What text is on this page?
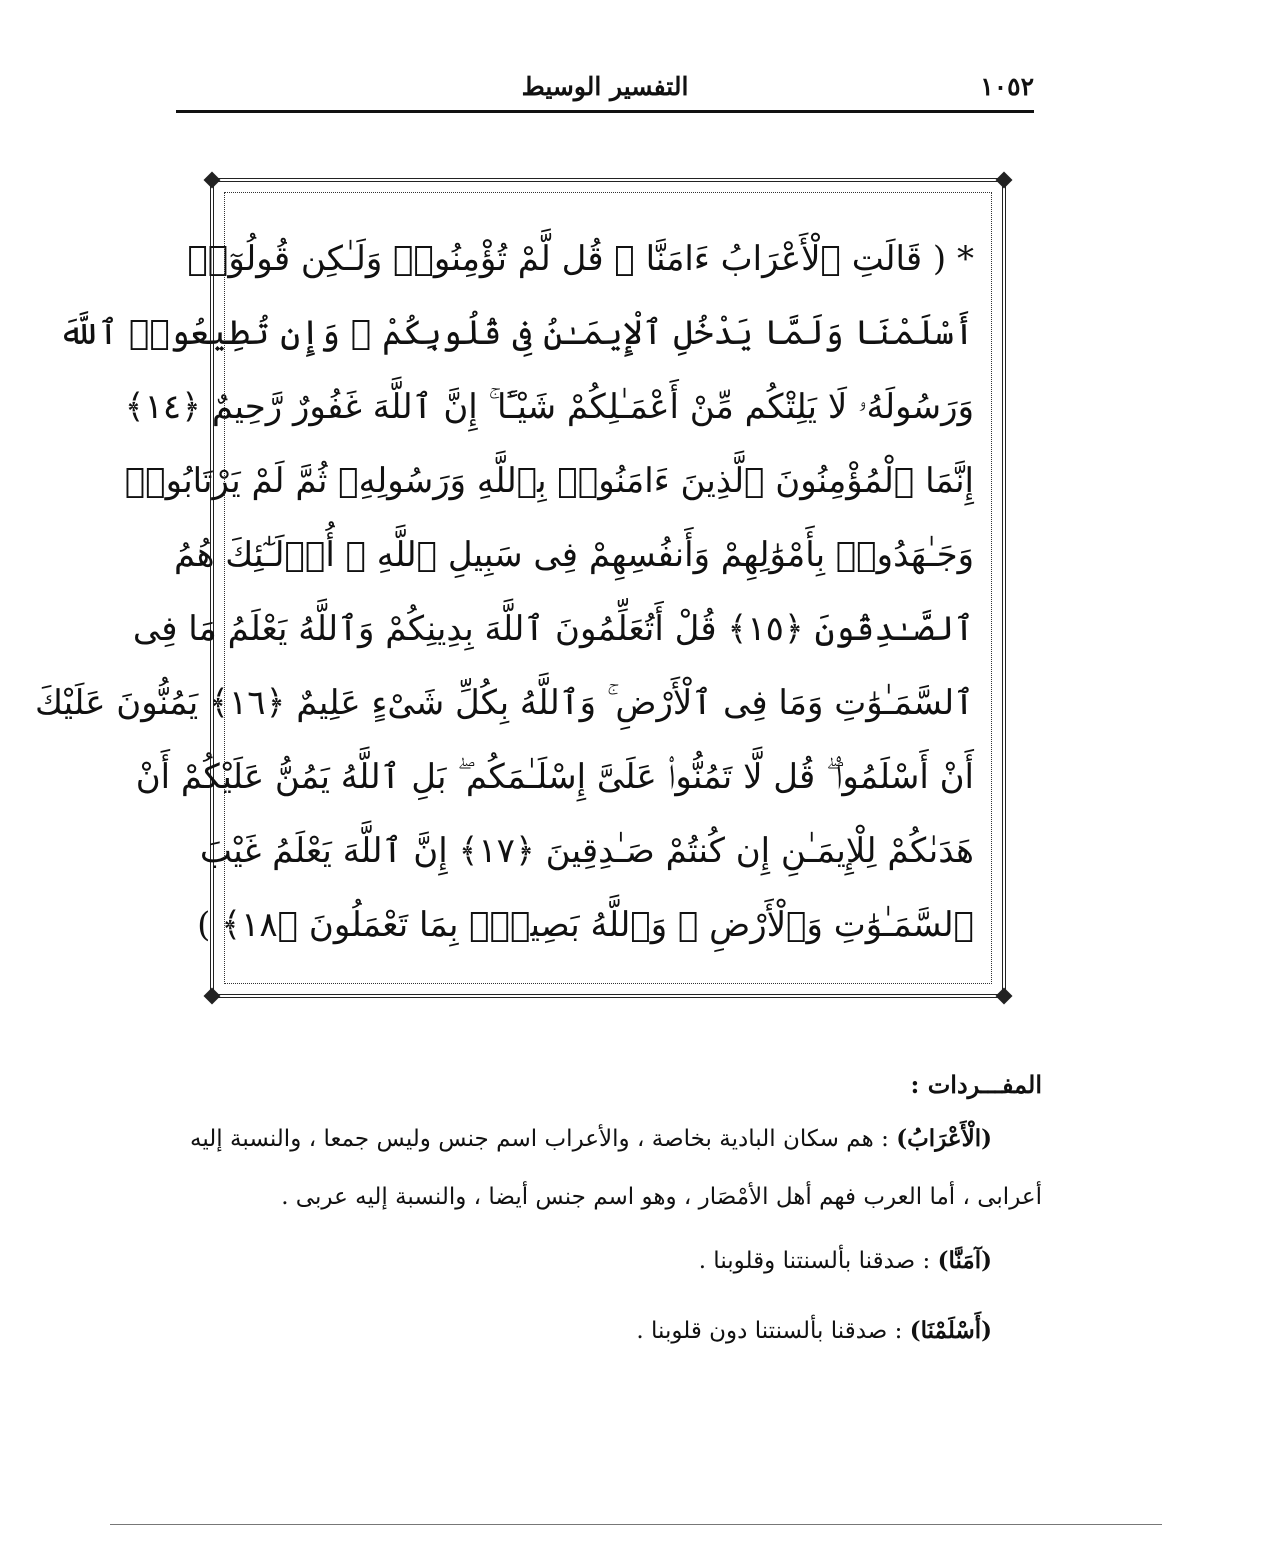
١٠٥٢
التفسير الوسيط
* ( قَالَتِ ٱلْأَعْرَابُ ءَامَنَّا ۖ قُل لَّمْ تُؤْمِنُوا۟ وَلَـٰكِن قُولُوٓا۟
أَسْلَمْنَا وَلَمَّا يَدْخُلِ ٱلْإِيمَـٰنُ فِى قُلُوبِكُمْ ۖ وَإِن تُطِيعُوا۟ ٱللَّهَ
وَرَسُولَهُۥ لَا يَلِتْكُم مِّنْ أَعْمَـٰلِكُمْ شَيْـًٔا ۚ إِنَّ ٱللَّهَ غَفُورٌ رَّحِيمٌ ﴿١٤﴾
إِنَّمَا ٱلْمُؤْمِنُونَ ٱلَّذِينَ ءَامَنُوا۟ بِٱللَّهِ وَرَسُولِهِۦ ثُمَّ لَمْ يَرْتَابُوا۟
وَجَـٰهَدُوا۟ بِأَمْوَٰلِهِمْ وَأَنفُسِهِمْ فِى سَبِيلِ ٱللَّهِ ۚ أُو۟لَـٰٓئِكَ هُمُ
ٱلصَّـٰدِقُونَ ﴿١٥﴾ قُلْ أَتُعَلِّمُونَ ٱللَّهَ بِدِينِكُمْ وَٱللَّهُ يَعْلَمُ مَا فِى
ٱلسَّمَـٰوَٰتِ وَمَا فِى ٱلْأَرْضِ ۚ وَٱللَّهُ بِكُلِّ شَىْءٍ عَلِيمٌ ﴿١٦﴾ يَمُنُّونَ عَلَيْكَ
أَنْ أَسْلَمُوا۟ ۖ قُل لَّا تَمُنُّوا۟ عَلَىَّ إِسْلَـٰمَكُم ۖ بَلِ ٱللَّهُ يَمُنُّ عَلَيْكُمْ أَنْ
هَدَىٰكُمْ لِلْإِيمَـٰنِ إِن كُنتُمْ صَـٰدِقِينَ ﴿١٧﴾ إِنَّ ٱللَّهَ يَعْلَمُ غَيْبَ
ٱلسَّمَـٰوَٰتِ وَٱلْأَرْضِ ۚ وَٱللَّهُ بَصِيرٌۢ بِمَا تَعْمَلُونَ ﴿١٨﴾ )
المفـــردات :

(الْأَعْرَابُ) : هم سكان البادية بخاصة ، والأعراب اسم جنس وليس جمعا ، والنسبة إليه أعرابى ، أما العرب فهم أهل الأمْصَار ، وهو اسم جنس أيضا ، والنسبة إليه عربى .

(آمَنَّا) : صدقنا بألسنتنا وقلوبنا .

(أَسْلَمْنَا) : صدقنا بألسنتنا دون قلوبنا .
